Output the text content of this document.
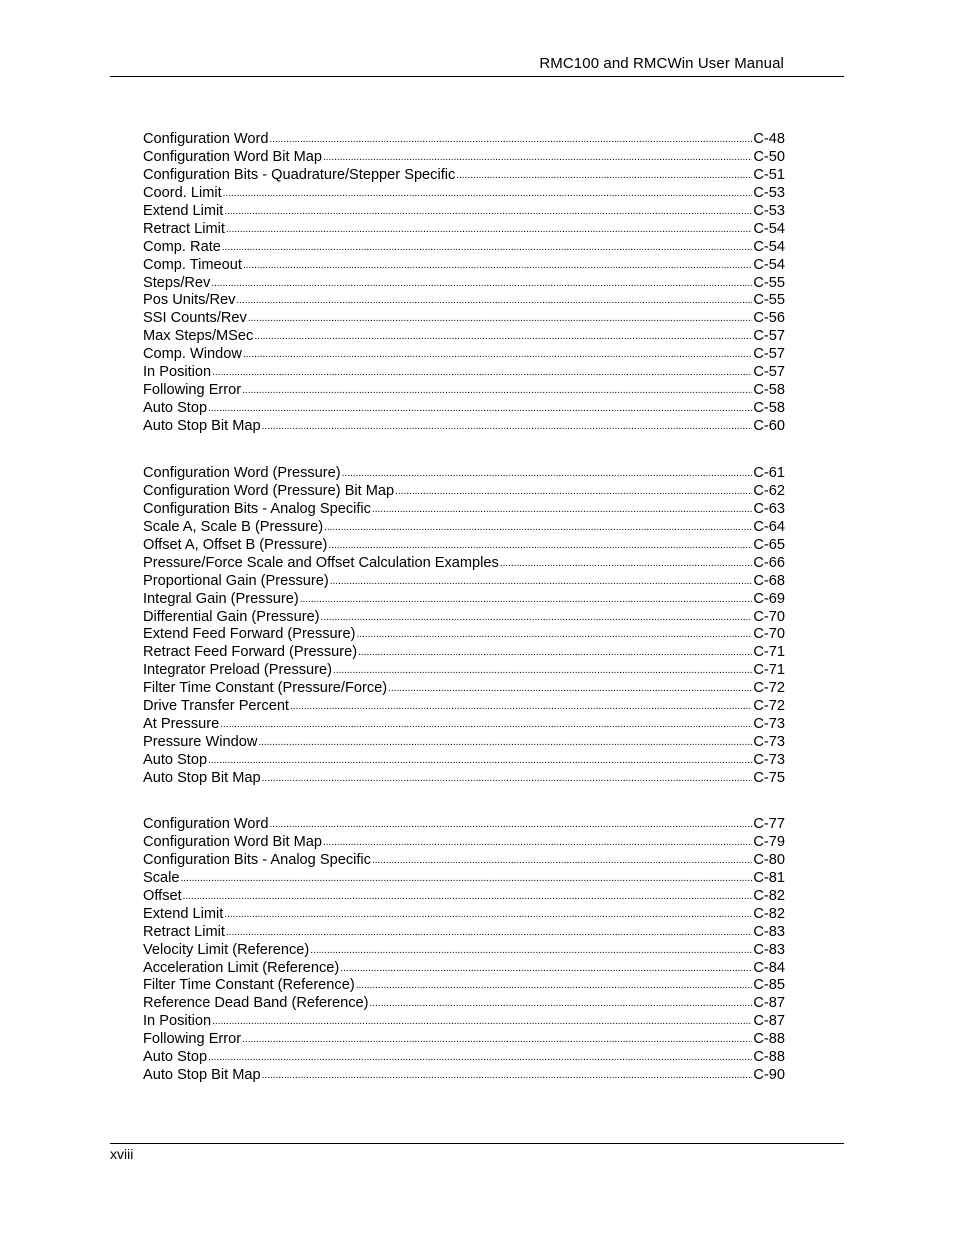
RMC100 and RMCWin User Manual
Configuration Word .....	C-48
Configuration Word Bit Map .....	C-50
Configuration Bits - Quadrature/Stepper Specific .....	C-51
Coord. Limit .....	C-53
Extend Limit .....	C-53
Retract Limit .....	C-54
Comp. Rate .....	C-54
Comp. Timeout .....	C-54
Steps/Rev .....	C-55
Pos Units/Rev .....	C-55
SSI Counts/Rev .....	C-56
Max Steps/MSec .....	C-57
Comp. Window .....	C-57
In Position .....	C-57
Following Error .....	C-58
Auto Stop .....	C-58
Auto Stop Bit Map .....	C-60
Configuration Word (Pressure) .....	C-61
Configuration Word (Pressure) Bit Map .....	C-62
Configuration Bits - Analog Specific .....	C-63
Scale A, Scale B (Pressure) .....	C-64
Offset A, Offset B (Pressure) .....	C-65
Pressure/Force Scale and Offset Calculation Examples .....	C-66
Proportional Gain (Pressure) .....	C-68
Integral Gain (Pressure) .....	C-69
Differential Gain (Pressure) .....	C-70
Extend Feed Forward (Pressure) .....	C-70
Retract Feed Forward (Pressure) .....	C-71
Integrator Preload (Pressure) .....	C-71
Filter Time Constant (Pressure/Force) .....	C-72
Drive Transfer Percent .....	C-72
At Pressure .....	C-73
Pressure Window .....	C-73
Auto Stop .....	C-73
Auto Stop Bit Map .....	C-75
Configuration Word .....	C-77
Configuration Word Bit Map .....	C-79
Configuration Bits - Analog Specific .....	C-80
Scale .....	C-81
Offset .....	C-82
Extend Limit .....	C-82
Retract Limit .....	C-83
Velocity Limit (Reference) .....	C-83
Acceleration Limit (Reference) .....	C-84
Filter Time Constant (Reference) .....	C-85
Reference Dead Band (Reference) .....	C-87
In Position .....	C-87
Following Error .....	C-88
Auto Stop .....	C-88
Auto Stop Bit Map .....	C-90
xviii
